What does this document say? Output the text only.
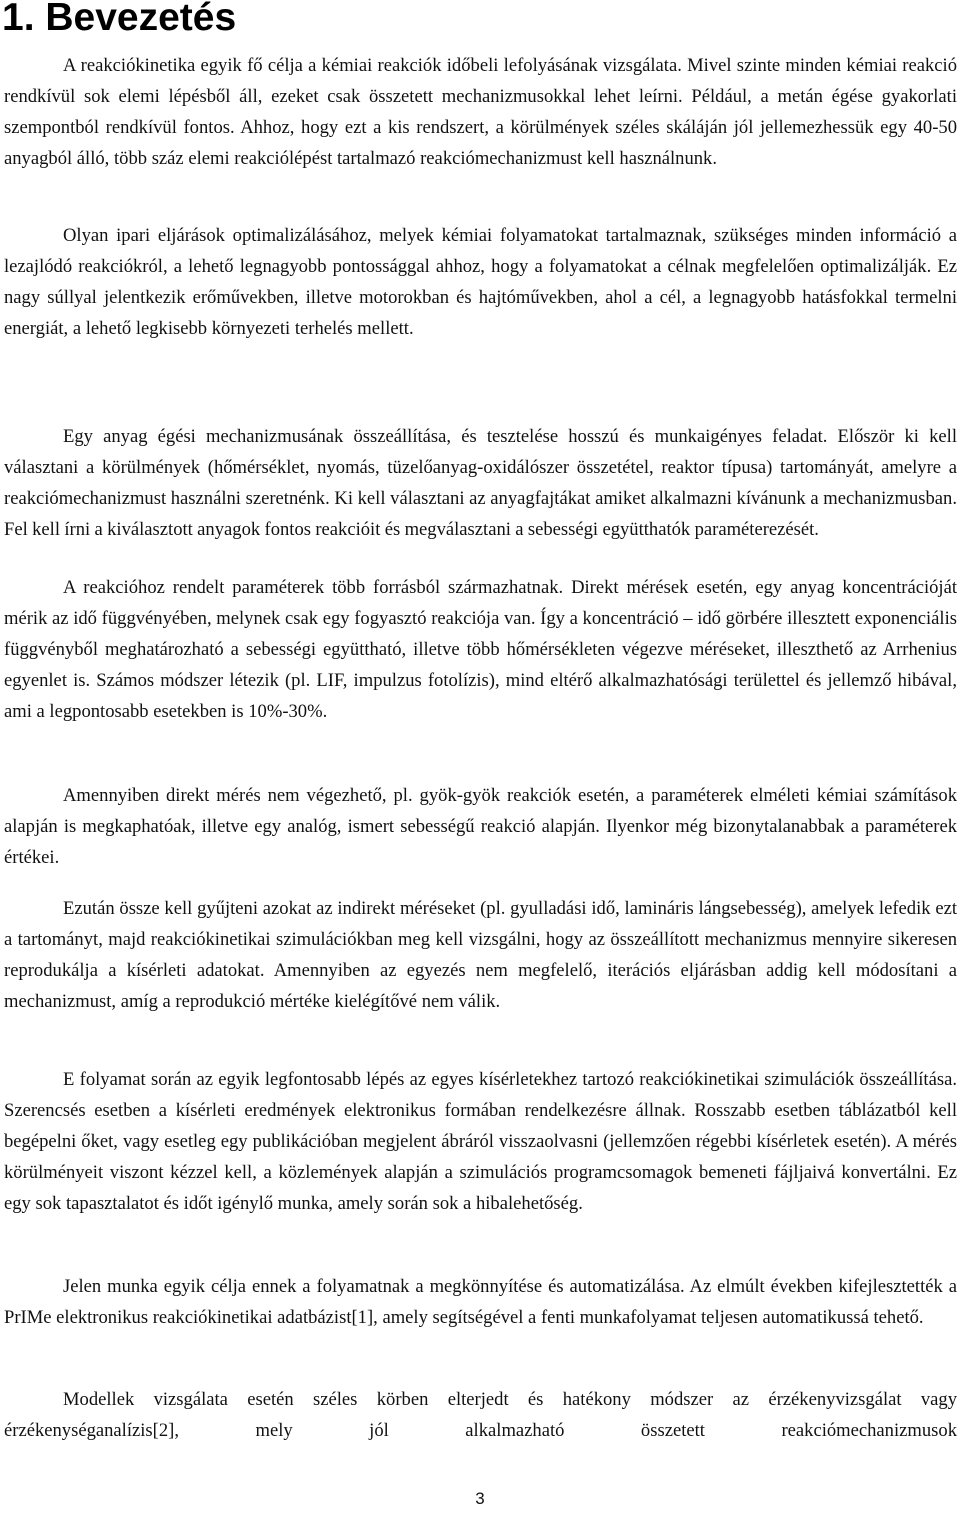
1. Bevezetés

A reakciókinetika egyik fő célja a kémiai reakciók időbeli lefolyásának vizsgálata. Mivel szinte minden kémiai reakció rendkívül sok elemi lépésből áll, ezeket csak összetett mechanizmusokkal lehet leírni. Például, a metán égése gyakorlati szempontból rendkívül fontos. Ahhoz, hogy ezt a kis rendszert, a körülmények széles skáláján jól jellemezhessük egy 40-50 anyagból álló, több száz elemi reakciólépést tartalmazó reakciómechanizmust kell használnunk.

Olyan ipari eljárások optimalizálásához, melyek kémiai folyamatokat tartalmaznak, szükséges minden információ a lezajlódó reakciókról, a lehető legnagyobb pontossággal ahhoz, hogy a folyamatokat a célnak megfelelően optimalizálják. Ez nagy súllyal jelentkezik erőművekben, illetve motorokban és hajtóművekben, ahol a cél, a legnagyobb hatásfokkal termelni energiát, a lehető legkisebb környezeti terhelés mellett.

Egy anyag égési mechanizmusának összeállítása, és tesztelése hosszú és munkaigényes feladat. Először ki kell választani a körülmények (hőmérséklet, nyomás, tüzelőanyag-oxidálószer összetétel, reaktor típusa) tartományát, amelyre a reakciómechanizmust használni szeretnénk. Ki kell választani az anyagfajtákat amiket alkalmazni kívánunk a mechanizmusban. Fel kell írni a kiválasztott anyagok fontos reakcióit és megválasztani a sebességi együtthatók paraméterezését.

A reakcióhoz rendelt paraméterek több forrásból származhatnak. Direkt mérések esetén, egy anyag koncentrációját mérik az idő függvényében, melynek csak egy fogyasztó reakciója van. Így a koncentráció – idő görbére illesztett exponenciális függvényből meghatározható a sebességi együttható, illetve több hőmérsékleten végezve méréseket, illeszthető az Arrhenius egyenlet is. Számos módszer létezik (pl. LIF, impulzus fotolízis), mind eltérő alkalmazhatósági területtel és jellemző hibával, ami a legpontosabb esetekben is 10%-30%.

Amennyiben direkt mérés nem végezhető, pl. gyök-gyök reakciók esetén, a paraméterek elméleti kémiai számítások alapján is megkaphatóak, illetve egy analóg, ismert sebességű reakció alapján. Ilyenkor még bizonytalanabbak a paraméterek értékei.

Ezután össze kell gyűjteni azokat az indirekt méréseket (pl. gyulladási idő, lamináris lángsebesség), amelyek lefedik ezt a tartományt, majd reakciókinetikai szimulációkban meg kell vizsgálni, hogy az összeállított mechanizmus mennyire sikeresen reprodukálja a kísérleti adatokat. Amennyiben az egyezés nem megfelelő, iterációs eljárásban addig kell módosítani a mechanizmust, amíg a reprodukció mértéke kielégítővé nem válik.

E folyamat során az egyik legfontosabb lépés az egyes kísérletekhez tartozó reakciókinetikai szimulációk összeállítása. Szerencsés esetben a kísérleti eredmények elektronikus formában rendelkezésre állnak. Rosszabb esetben táblázatból kell begépelni őket, vagy esetleg egy publikációban megjelent ábráról visszaolvasni (jellemzően régebbi kísérletek esetén). A mérés körülményeit viszont kézzel kell, a közlemények alapján a szimulációs programcsomagok bemeneti fájljaivá konvertálni. Ez egy sok tapasztalatot és időt igénylő munka, amely során sok a hibalehetőség.

Jelen munka egyik célja ennek a folyamatnak a megkönnyítése és automatizálása. Az elmúlt években kifejlesztették a PrIMe elektronikus reakciókinetikai adatbázist[1], amely segítségével a fenti munkafolyamat teljesen automatikussá tehető.

Modellek vizsgálata esetén széles körben elterjedt és hatékony módszer az érzékenyvizsgálat vagy érzékenységanalízis[2], mely jól alkalmazható összetett reakciómechanizmusok

3
